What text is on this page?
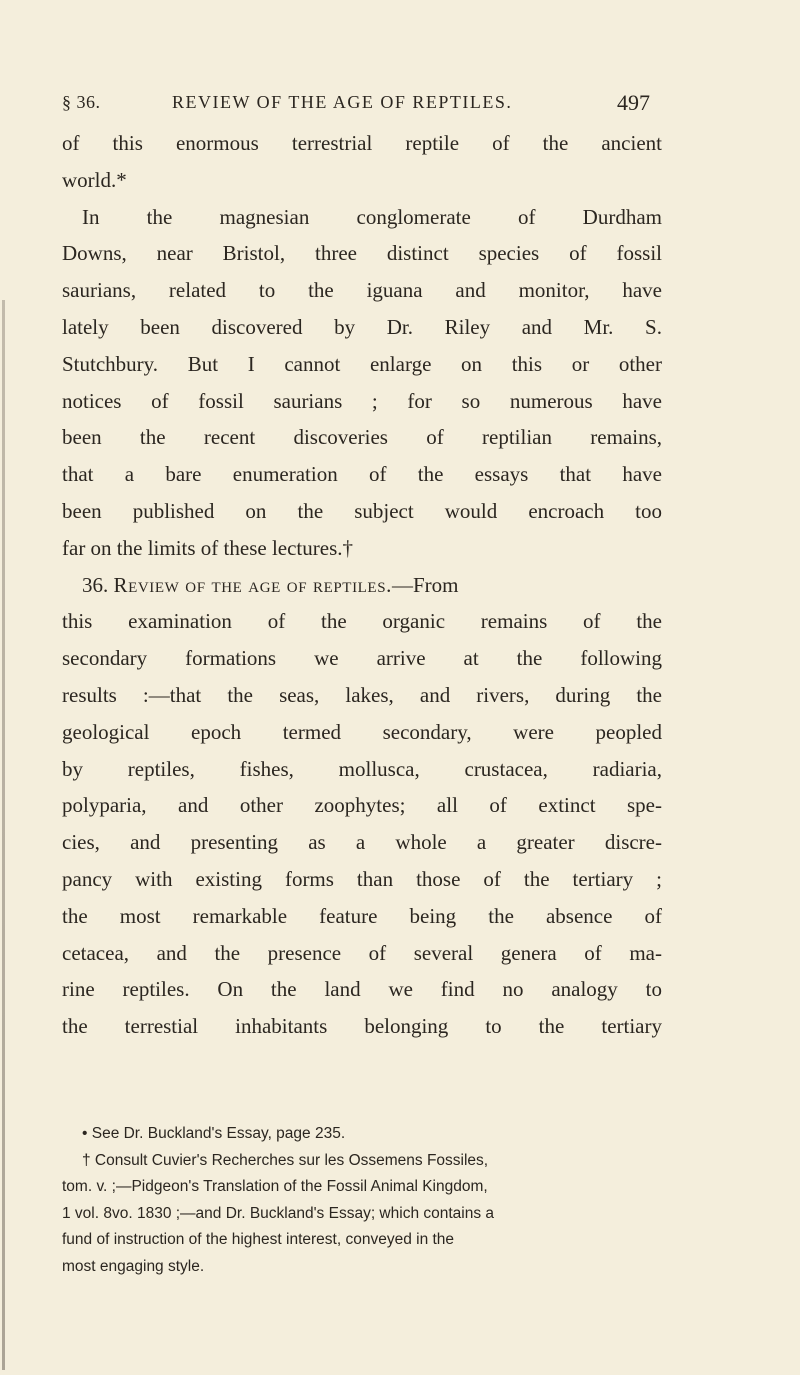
§ 36.	REVIEW OF THE AGE OF REPTILES.	497
of this enormous terrestrial reptile of the ancient
world.*
In the magnesian conglomerate of Durdham
Downs, near Bristol, three distinct species of fossil
saurians, related to the iguana and monitor, have
lately been discovered by Dr. Riley and Mr. S.
Stutchbury. But I cannot enlarge on this or other
notices of fossil saurians ; for so numerous have
been the recent discoveries of reptilian remains,
that a bare enumeration of the essays that have
been published on the subject would encroach too
far on the limits of these lectures.†
36. Review of the age of reptiles.—From
this examination of the organic remains of the
secondary formations we arrive at the following
results :—that the seas, lakes, and rivers, during the
geological epoch termed secondary, were peopled
by reptiles, fishes, mollusca, crustacea, radiaria,
polyparia, and other zoophytes; all of extinct spe-
cies, and presenting as a whole a greater discre-
pancy with existing forms than those of the tertiary ;
the most remarkable feature being the absence of
cetacea, and the presence of several genera of ma-
rine reptiles. On the land we find no analogy to
the terrestial inhabitants belonging to the tertiary
• See Dr. Buckland's Essay, page 235.
† Consult Cuvier's Recherches sur les Ossemens Fossiles,
tom. v. ;—Pidgeon's Translation of the Fossil Animal Kingdom,
1 vol. 8vo. 1830 ;—and Dr. Buckland's Essay; which contains a
fund of instruction of the highest interest, conveyed in the
most engaging style.
